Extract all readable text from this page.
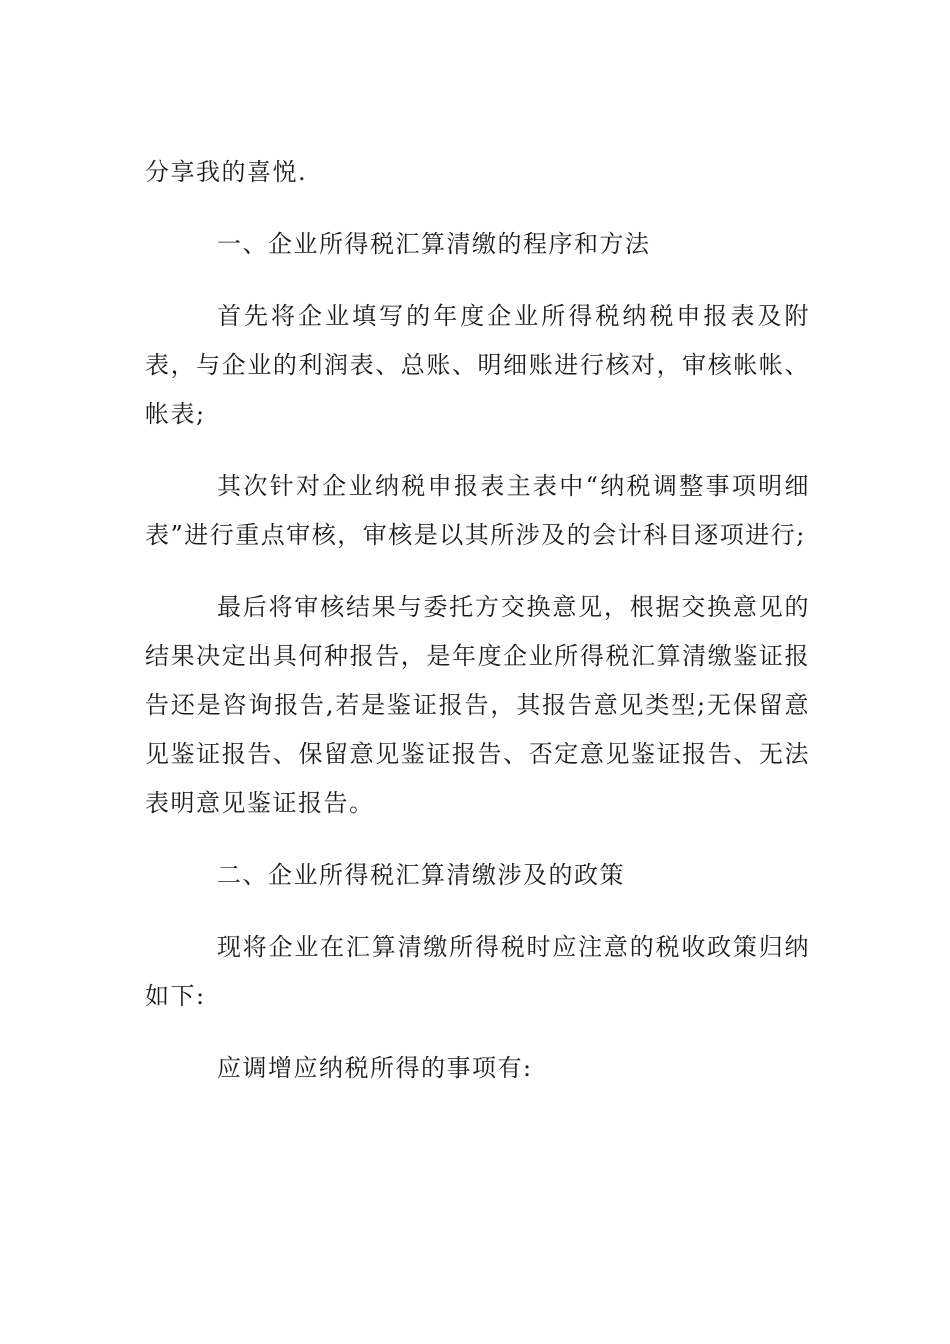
分享我的喜悦.

一、企业所得税汇算清缴的程序和方法

首先将企业填写的年度企业所得税纳税申报表及附表，与企业的利润表、总账、明细账进行核对，审核帐帐、帐表;

其次针对企业纳税申报表主表中“纳税调整事项明细表”进行重点审核，审核是以其所涉及的会计科目逐项进行;

最后将审核结果与委托方交换意见，根据交换意见的结果决定出具何种报告，是年度企业所得税汇算清缴鉴证报告还是咨询报告,若是鉴证报告，其报告意见类型;无保留意见鉴证报告、保留意见鉴证报告、否定意见鉴证报告、无法表明意见鉴证报告。

二、企业所得税汇算清缴涉及的政策

现将企业在汇算清缴所得税时应注意的税收政策归纳如下:

应调增应纳税所得的事项有:
